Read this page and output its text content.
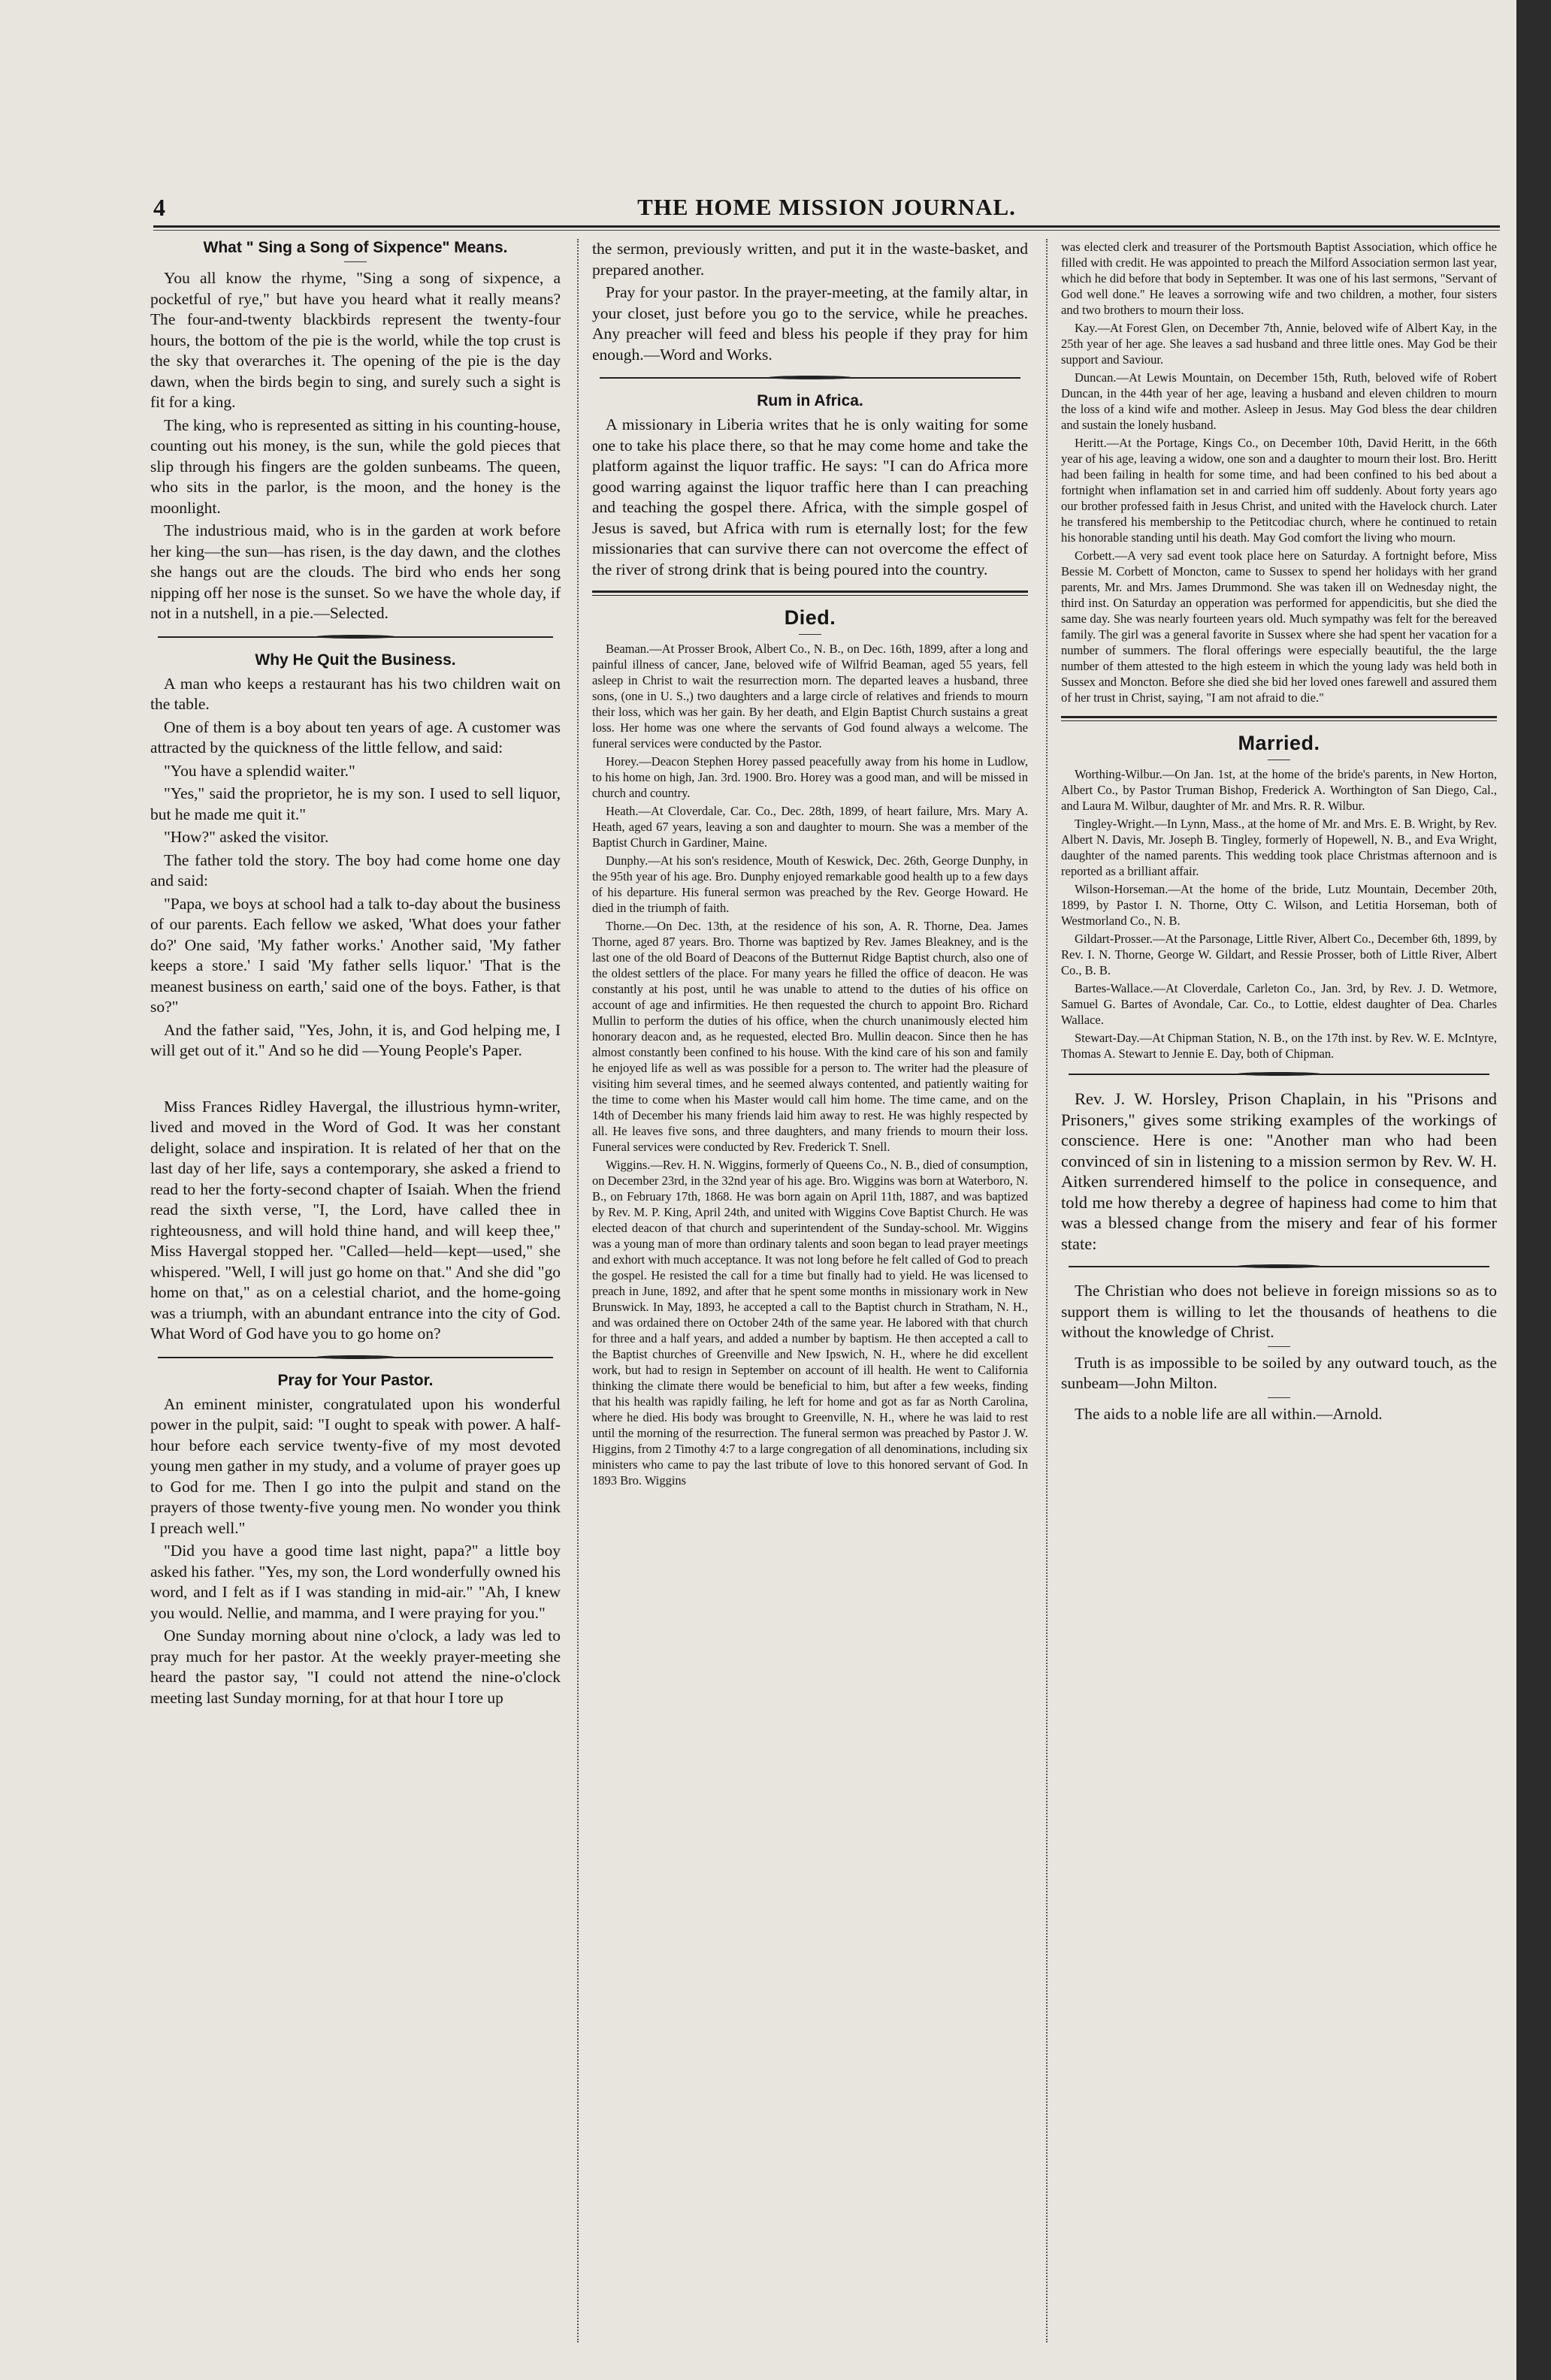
4	THE HOME MISSION JOURNAL.
What " Sing a Song of Sixpence" Means.

You all know the rhyme, "Sing a song of sixpence, a pocketful of rye," but have you heard what it really means? The four-and-twenty blackbirds represent the twenty-four hours, the bottom of the pie is the world, while the top crust is the sky that overarches it. The opening of the pie is the day dawn, when the birds begin to sing, and surely such a sight is fit for a king.

The king, who is represented as sitting in his counting-house, counting out his money, is the sun, while the gold pieces that slip through his fingers are the golden sunbeams. The queen, who sits in the parlor, is the moon, and the honey is the moonlight.

The industrious maid, who is in the garden at work before her king—the sun—has risen, is the day dawn, and the clothes she hangs out are the clouds. The bird who ends her song nipping off her nose is the sunset. So we have the whole day, if not in a nutshell, in a pie.—Selected.

Why He Quit the Business.

A man who keeps a restaurant has his two children wait on the table.

One of them is a boy about ten years of age. A customer was attracted by the quickness of the little fellow, and said:

"You have a splendid waiter."

"Yes," said the proprietor, he is my son. I used to sell liquor, but he made me quit it."

"How?" asked the visitor.

The father told the story. The boy had come home one day and said:

"Papa, we boys at school had a talk to-day about the business of our parents. Each fellow we asked, 'What does your father do?' One said, 'My father works.' Another said, 'My father keeps a store.' I said 'My father sells liquor.' 'That is the meanest business on earth,' said one of the boys. Father, is that so?"

And the father said, "Yes, John, it is, and God helping me, I will get out of it." And so he did —Young People's Paper.

Miss Frances Ridley Havergal, the illustrious hymn-writer, lived and moved in the Word of God. It was her constant delight, solace and inspiration. It is related of her that on the last day of her life, says a contemporary, she asked a friend to read to her the forty-second chapter of Isaiah. When the friend read the sixth verse, "I, the Lord, have called thee in righteousness, and will hold thine hand, and will keep thee," Miss Havergal stopped her. "Called—held—kept—used," she whispered. "Well, I will just go home on that." And she did "go home on that," as on a celestial chariot, and the home-going was a triumph, with an abundant entrance into the city of God. What Word of God have you to go home on?

Pray for Your Pastor.

An eminent minister, congratulated upon his wonderful power in the pulpit, said: "I ought to speak with power. A half-hour before each service twenty-five of my most devoted young men gather in my study, and a volume of prayer goes up to God for me. Then I go into the pulpit and stand on the prayers of those twenty-five young men. No wonder you think I preach well."

"Did you have a good time last night, papa?" a little boy asked his father. "Yes, my son, the Lord wonderfully owned his word, and I felt as if I was standing in mid-air." "Ah, I knew you would. Nellie, and mamma, and I were praying for you."

One Sunday morning about nine o'clock, a lady was led to pray much for her pastor. At the weekly prayer-meeting she heard the pastor say, "I could not attend the nine-o'clock meeting last Sunday morning, for at that hour I tore up

the sermon, previously written, and put it in the waste-basket, and prepared another.

Pray for your pastor. In the prayer-meeting, at the family altar, in your closet, just before you go to the service, while he preaches. Any preacher will feed and bless his people if they pray for him enough.—Word and Works.

Rum in Africa.

A missionary in Liberia writes that he is only waiting for some one to take his place there, so that he may come home and take the platform against the liquor traffic. He says: "I can do Africa more good warring against the liquor traffic here than I can preaching and teaching the gospel there. Africa, with the simple gospel of Jesus is saved, but Africa with rum is eternally lost; for the few missionaries that can survive there can not overcome the effect of the river of strong drink that is being poured into the country.

Died.

Beaman.—At Prosser Brook, Albert Co., N. B., on Dec. 16th, 1899, after a long and painful illness of cancer, Jane, beloved wife of Wilfrid Beaman, aged 55 years, fell asleep in Christ to wait the resurrection morn. The departed leaves a husband, three sons, (one in U. S.,) two daughters and a large circle of relatives and friends to mourn their loss, which was her gain. By her death, and Elgin Baptist Church sustains a great loss. Her home was one where the servants of God found always a welcome. The funeral services were conducted by the Pastor.

Horey.—Deacon Stephen Horey passed peacefully away from his home in Ludlow, to his home on high, Jan. 3rd. 1900. Bro. Horey was a good man, and will be missed in church and country.

Heath.—At Cloverdale, Car. Co., Dec. 28th, 1899, of heart failure, Mrs. Mary A. Heath, aged 67 years, leaving a son and daughter to mourn. She was a member of the Baptist Church in Gardiner, Maine.

Dunphy.—At his son's residence, Mouth of Keswick, Dec. 26th, George Dunphy, in the 95th year of his age. Bro. Dunphy enjoyed remarkable good health up to a few days of his departure. His funeral sermon was preached by the Rev. George Howard. He died in the triumph of faith.

Thorne.—On Dec. 13th, at the residence of his son, A. R. Thorne, Dea. James Thorne, aged 87 years. Bro. Thorne was baptized by Rev. James Bleakney, and is the last one of the old Board of Deacons of the Butternut Ridge Baptist church, also one of the oldest settlers of the place. For many years he filled the office of deacon. He was constantly at his post, until he was unable to attend to the duties of his office on account of age and infirmities. He then requested the church to appoint Bro. Richard Mullin to perform the duties of his office, when the church unanimously elected him honorary deacon and, as he requested, elected Bro. Mullin deacon. Since then he has almost constantly been confined to his house. With the kind care of his son and family he enjoyed life as well as was possible for a person to. The writer had the pleasure of visiting him several times, and he seemed always contented, and patiently waiting for the time to come when his Master would call him home. The time came, and on the 14th of December his many friends laid him away to rest. He was highly respected by all. He leaves five sons, and three daughters, and many friends to mourn their loss. Funeral services were conducted by Rev. Frederick T. Snell.

Wiggins.—Rev. H. N. Wiggins, formerly of Queens Co., N. B., died of consumption, on December 23rd, in the 32nd year of his age. Bro. Wiggins was born at Waterboro, N. B., on February 17th, 1868. He was born again on April 11th, 1887, and was baptized by Rev. M. P. King, April 24th, and united with Wiggins Cove Baptist Church. He was elected deacon of that church and superintendent of the Sunday-school. Mr. Wiggins was a young man of more than ordinary talents and soon began to lead prayer meetings and exhort with much acceptance. It was not long before he felt called of God to preach the gospel. He resisted the call for a time but finally had to yield. He was licensed to preach in June, 1892, and after that he spent some months in missionary work in New Brunswick. In May, 1893, he accepted a call to the Baptist church in Stratham, N. H., and was ordained there on October 24th of the same year. He labored with that church for three and a half years, and added a number by baptism. He then accepted a call to the Baptist churches of Greenville and New Ipswich, N. H., where he did excellent work, but had to resign in September on account of ill health. He went to California thinking the climate there would be beneficial to him, but after a few weeks, finding that his health was rapidly failing, he left for home and got as far as North Carolina, where he died. His body was brought to Greenville, N. H., where he was laid to rest until the morning of the resurrection. The funeral sermon was preached by Pastor J. W. Higgins, from 2 Timothy 4:7 to a large congregation of all denominations, including six ministers who came to pay the last tribute of love to this honored servant of God. In 1893 Bro. Wiggins

was elected clerk and treasurer of the Portsmouth Baptist Association, which office he filled with credit. He was appointed to preach the Milford Association sermon last year, which he did before that body in September. It was one of his last sermons, "Servant of God well done." He leaves a sorrowing wife and two children, a mother, four sisters and two brothers to mourn their loss.

Kay.—At Forest Glen, on December 7th, Annie, beloved wife of Albert Kay, in the 25th year of her age. She leaves a sad husband and three little ones. May God be their support and Saviour.

Duncan.—At Lewis Mountain, on December 15th, Ruth, beloved wife of Robert Duncan, in the 44th year of her age, leaving a husband and eleven children to mourn the loss of a kind wife and mother. Asleep in Jesus. May God bless the dear children and sustain the lonely husband.

Heritt.—At the Portage, Kings Co., on December 10th, David Heritt, in the 66th year of his age, leaving a widow, one son and a daughter to mourn their lost. Bro. Heritt had been failing in health for some time, and had been confined to his bed about a fortnight when inflamation set in and carried him off suddenly. About forty years ago our brother professed faith in Jesus Christ, and united with the Havelock church. Later he transfered his membership to the Petitcodiac church, where he continued to retain his honorable standing until his death. May God comfort the living who mourn.

Corbett.—A very sad event took place here on Saturday. A fortnight before, Miss Bessie M. Corbett of Moncton, came to Sussex to spend her holidays with her grand parents, Mr. and Mrs. James Drummond. She was taken ill on Wednesday night, the third inst. On Saturday an opperation was performed for appendicitis, but she died the same day. She was nearly fourteen years old. Much sympathy was felt for the bereaved family. The girl was a general favorite in Sussex where she had spent her vacation for a number of summers. The floral offerings were especially beautiful, the the large number of them attested to the high esteem in which the young lady was held both in Sussex and Moncton. Before she died she bid her loved ones farewell and assured them of her trust in Christ, saying, "I am not afraid to die."

Married.

Worthing-Wilbur.—On Jan. 1st, at the home of the bride's parents, in New Horton, Albert Co., by Pastor Truman Bishop, Frederick A. Worthington of San Diego, Cal., and Laura M. Wilbur, daughter of Mr. and Mrs. R. R. Wilbur.

Tingley-Wright.—In Lynn, Mass., at the home of Mr. and Mrs. E. B. Wright, by Rev. Albert N. Davis, Mr. Joseph B. Tingley, formerly of Hopewell, N. B., and Eva Wright, daughter of the named parents. This wedding took place Christmas afternoon and is reported as a brilliant affair.

Wilson-Horseman.—At the home of the bride, Lutz Mountain, December 20th, 1899, by Pastor I. N. Thorne, Otty C. Wilson, and Letitia Horseman, both of Westmorland Co., N. B.

Gildart-Prosser.—At the Parsonage, Little River, Albert Co., December 6th, 1899, by Rev. I. N. Thorne, George W. Gildart, and Ressie Prosser, both of Little River, Albert Co., B. B.

Bartes-Wallace.—At Cloverdale, Carleton Co., Jan. 3rd, by Rev. J. D. Wetmore, Samuel G. Bartes of Avondale, Car. Co., to Lottie, eldest daughter of Dea. Charles Wallace.

Stewart-Day.—At Chipman Station, N. B., on the 17th inst. by Rev. W. E. McIntyre, Thomas A. Stewart to Jennie E. Day, both of Chipman.

Rev. J. W. Horsley, Prison Chaplain, in his "Prisons and Prisoners," gives some striking examples of the workings of conscience. Here is one: "Another man who had been convinced of sin in listening to a mission sermon by Rev. W. H. Aitken surrendered himself to the police in consequence, and told me how thereby a degree of hapiness had come to him that was a blessed change from the misery and fear of his former state:

The Christian who does not believe in foreign missions so as to support them is willing to let the thousands of heathens to die without the knowledge of Christ.

Truth is as impossible to be soiled by any outward touch, as the sunbeam—John Milton.

The aids to a noble life are all within.—Arnold.
